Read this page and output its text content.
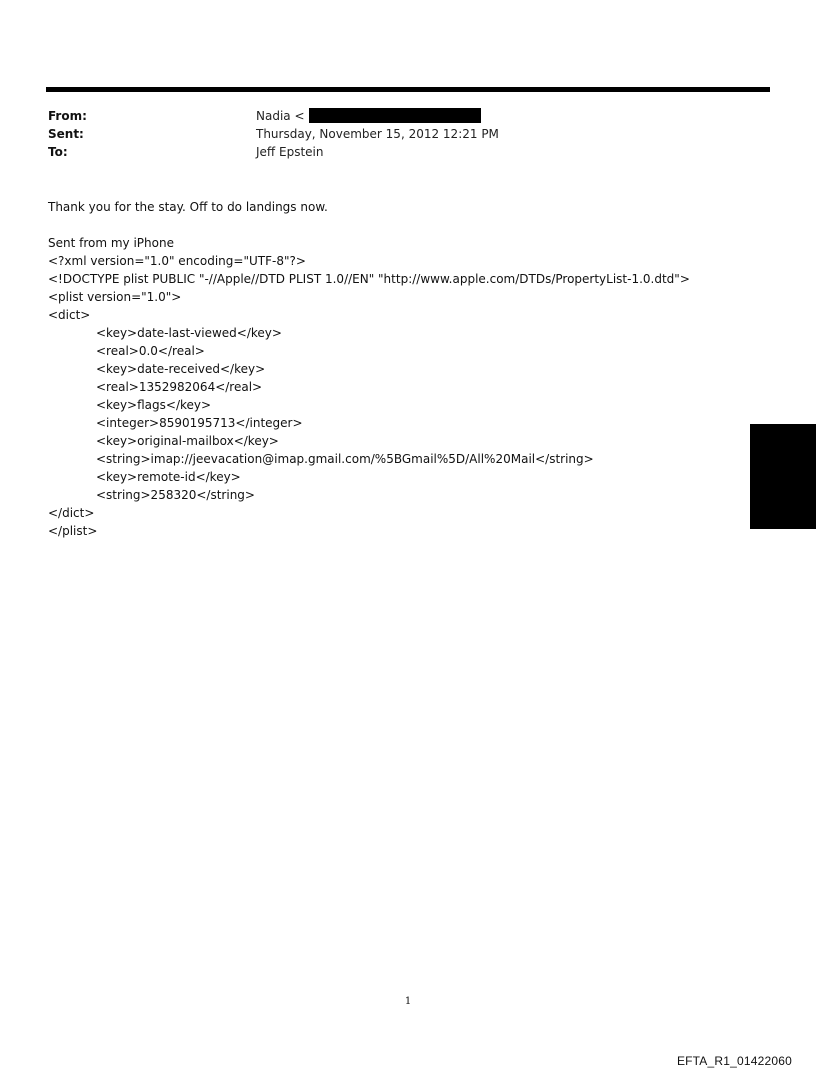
From:	Nadia <
Sent:	Thursday, November 15, 2012 12:21 PM
To:	Jeff Epstein

Thank you for the stay. Off to do landings now.

Sent from my iPhone

<?xml version="1.0" encoding="UTF-8"?>

<!DOCTYPE plist PUBLIC "-//Apple//DTD PLIST 1.0//EN" "http://www.apple.com/DTDs/PropertyList-1.0.dtd">

<plist version="1.0">

<dict>

<key>date-last-viewed</key>

<real>0.0</real>

<key>date-received</key>

<real>1352982064</real>

<key>flags</key>

<integer>8590195713</integer>

<key>original-mailbox</key>

<string>imap://jeevacation@imap.gmail.com/%5BGmail%5D/All%20Mail</string>

<key>remote-id</key>

<string>258320</string>

</dict>

</plist>

1
EFTA_R1_01422060
